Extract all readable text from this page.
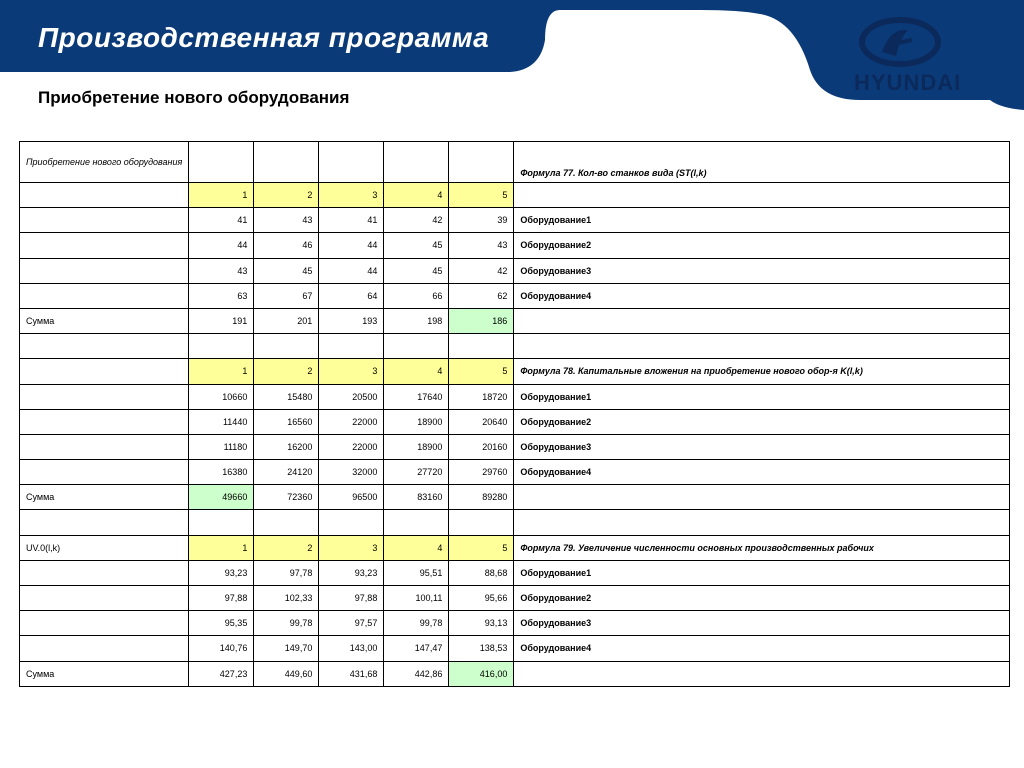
Производственная программа
Приобретение нового оборудования
HYUNDAI
Приобретение нового оборудования						Формула 77. Кол-во станков вида (ST(l,k)
	1	2	3	4	5	
	41	43	41	42	39	Оборудование1
	44	46	44	45	43	Оборудование2
	43	45	44	45	42	Оборудование3
	63	67	64	66	62	Оборудование4
Сумма	191	201	193	198	186	

	1	2	3	4	5	Формула 78. Капитальные вложения на приобретение нового обор-я K(l,k)
	10660	15480	20500	17640	18720	Оборудование1
	11440	16560	22000	18900	20640	Оборудование2
	11180	16200	22000	18900	20160	Оборудование3
	16380	24120	32000	27720	29760	Оборудование4
Сумма	49660	72360	96500	83160	89280	

UV.0(l,k)	1	2	3	4	5	Формула 79. Увеличение численности основных производственных рабочих
	93,23	97,78	93,23	95,51	88,68	Оборудование1
	97,88	102,33	97,88	100,11	95,66	Оборудование2
	95,35	99,78	97,57	99,78	93,13	Оборудование3
	140,76	149,70	143,00	147,47	138,53	Оборудование4
Сумма	427,23	449,60	431,68	442,86	416,00	
